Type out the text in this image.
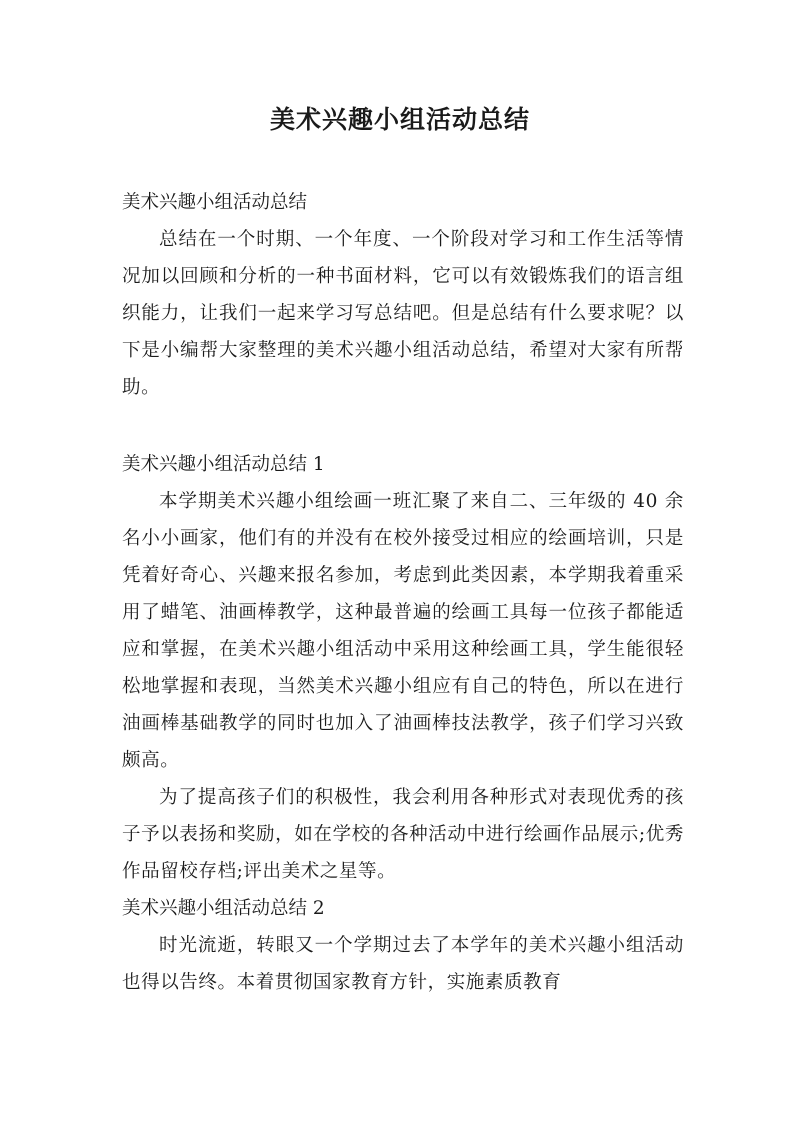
美术兴趣小组活动总结

美术兴趣小组活动总结

总结在一个时期、一个年度、一个阶段对学习和工作生活等情况加以回顾和分析的一种书面材料，它可以有效锻炼我们的语言组织能力，让我们一起来学习写总结吧。但是总结有什么要求呢？以下是小编帮大家整理的美术兴趣小组活动总结，希望对大家有所帮助。

美术兴趣小组活动总结 1

本学期美术兴趣小组绘画一班汇聚了来自二、三年级的 40 余名小小画家，他们有的并没有在校外接受过相应的绘画培训，只是凭着好奇心、兴趣来报名参加，考虑到此类因素，本学期我着重采用了蜡笔、油画棒教学，这种最普遍的绘画工具每一位孩子都能适应和掌握，在美术兴趣小组活动中采用这种绘画工具，学生能很轻松地掌握和表现，当然美术兴趣小组应有自己的特色，所以在进行油画棒基础教学的同时也加入了油画棒技法教学，孩子们学习兴致颇高。

为了提高孩子们的积极性，我会利用各种形式对表现优秀的孩子予以表扬和奖励，如在学校的各种活动中进行绘画作品展示;优秀作品留校存档;评出美术之星等。

美术兴趣小组活动总结 2

时光流逝，转眼又一个学期过去了本学年的美术兴趣小组活动也得以告终。本着贯彻国家教育方针，实施素质教育
